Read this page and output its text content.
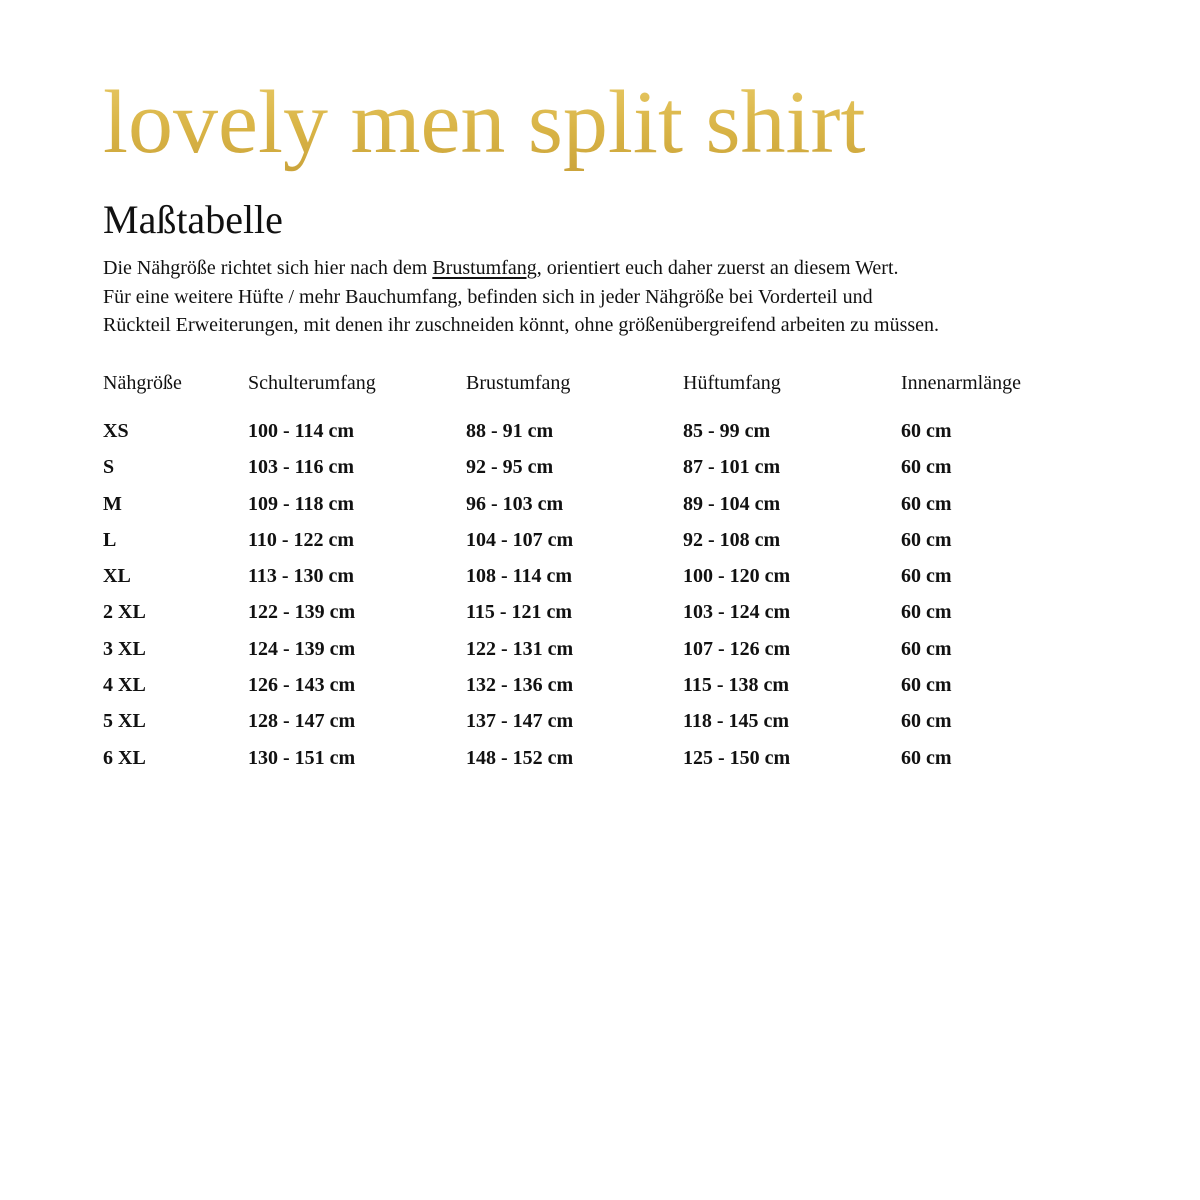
lovely men split shirt
Maßtabelle

Die Nähgröße richtet sich hier nach dem Brustumfang, orientiert euch daher zuerst an diesem Wert.
Für eine weitere Hüfte / mehr Bauchumfang, befinden sich in jeder Nähgröße bei Vorderteil und
Rückteil Erweiterungen, mit denen ihr zuschneiden könnt, ohne größenübergreifend arbeiten zu müssen.

Nähgröße	Schulterumfang	Brustumfang	Hüftumfang	Innenarmlänge
XS	100 - 114 cm	88 - 91 cm	85 - 99 cm	60 cm
S	103 - 116 cm	92 - 95 cm	87 - 101 cm	60 cm
M	109 - 118 cm	96 - 103 cm	89 - 104 cm	60 cm
L	110 - 122 cm	104 - 107 cm	92 - 108 cm	60 cm
XL	113 - 130 cm	108 - 114 cm	100 - 120 cm	60 cm
2 XL	122 - 139 cm	115 - 121 cm	103 - 124 cm	60 cm
3 XL	124 - 139 cm	122 - 131 cm	107 - 126 cm	60 cm
4 XL	126 - 143 cm	132 - 136 cm	115 - 138 cm	60 cm
5 XL	128 - 147 cm	137 - 147 cm	118 - 145 cm	60 cm
6 XL	130 - 151 cm	148 - 152 cm	125 - 150 cm	60 cm
